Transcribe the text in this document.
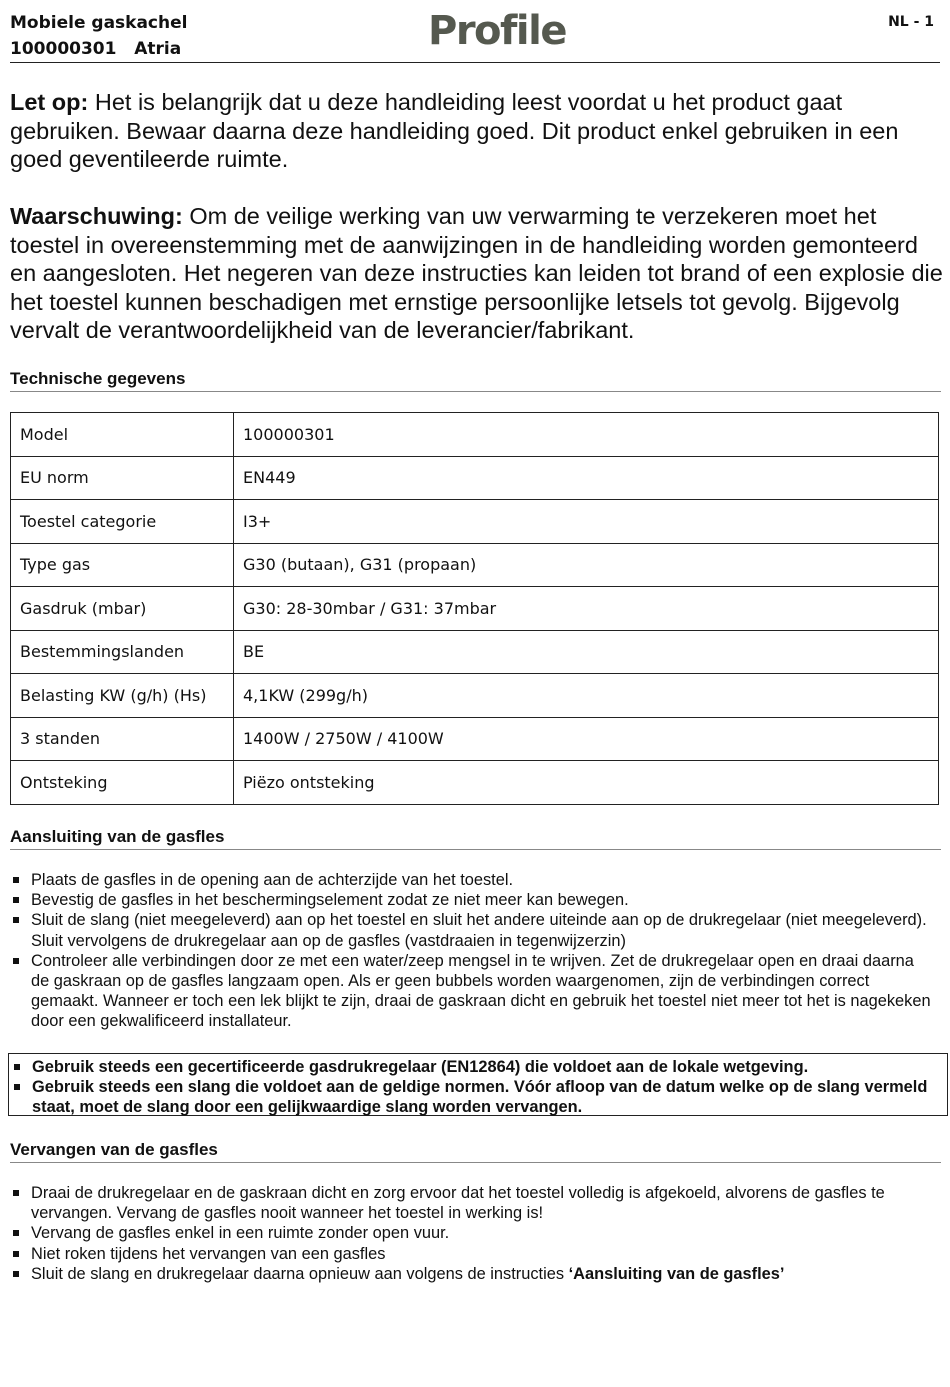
Mobiele gaskachel
100000301   Atria	Profile	NL - 1
Let op: Het is belangrijk dat u deze handleiding leest voordat u het product gaat gebruiken. Bewaar daarna deze handleiding goed. Dit product enkel gebruiken in een goed geventileerde ruimte.
Waarschuwing: Om de veilige werking van uw verwarming te verzekeren moet het toestel in overeenstemming met de aanwijzingen in de handleiding worden gemonteerd en aangesloten. Het negeren van deze instructies kan leiden tot brand of een explosie die het toestel kunnen beschadigen met ernstige persoonlijke letsels tot gevolg. Bijgevolg vervalt de verantwoordelijkheid van de leverancier/fabrikant.
Technische gegevens
Model	100000301
EU norm	EN449
Toestel categorie	I3+
Type gas	G30 (butaan), G31 (propaan)
Gasdruk (mbar)	G30: 28-30mbar / G31: 37mbar
Bestemmingslanden	BE
Belasting KW (g/h) (Hs)	4,1KW (299g/h)
3 standen	1400W / 2750W / 4100W
Ontsteking	Piëzo ontsteking
Aansluiting van de gasfles
Plaats de gasfles in de opening aan de achterzijde van het toestel.
Bevestig de gasfles in het beschermingselement zodat ze niet meer kan bewegen.
Sluit de slang (niet meegeleverd) aan op het toestel en sluit het andere uiteinde aan op de drukregelaar (niet meegeleverd). Sluit vervolgens de drukregelaar aan op de gasfles (vastdraaien in tegenwijzerzin)
Controleer alle verbindingen door ze met een water/zeep mengsel in te wrijven. Zet de drukregelaar open en draai daarna de gaskraan op de gasfles langzaam open. Als er geen bubbels worden waargenomen, zijn de verbindingen correct gemaakt. Wanneer er toch een lek blijkt te zijn, draai de gaskraan dicht en gebruik het toestel niet meer tot het is nagekeken door een gekwalificeerd installateur.
Gebruik steeds een gecertificeerde gasdrukregelaar (EN12864) die voldoet aan de lokale wetgeving.
Gebruik steeds een slang die voldoet aan de geldige normen. Vóór afloop van de datum welke op de slang vermeld staat, moet de slang door een gelijkwaardige slang worden vervangen.
Vervangen van de gasfles
Draai de drukregelaar en de gaskraan dicht en zorg ervoor dat het toestel volledig is afgekoeld, alvorens de gasfles te vervangen. Vervang de gasfles nooit wanneer het toestel in werking is!
Vervang de gasfles enkel in een ruimte zonder open vuur.
Niet roken tijdens het vervangen van een gasfles
Sluit de slang en drukregelaar daarna opnieuw aan volgens de instructies ‘Aansluiting van de gasfles’
